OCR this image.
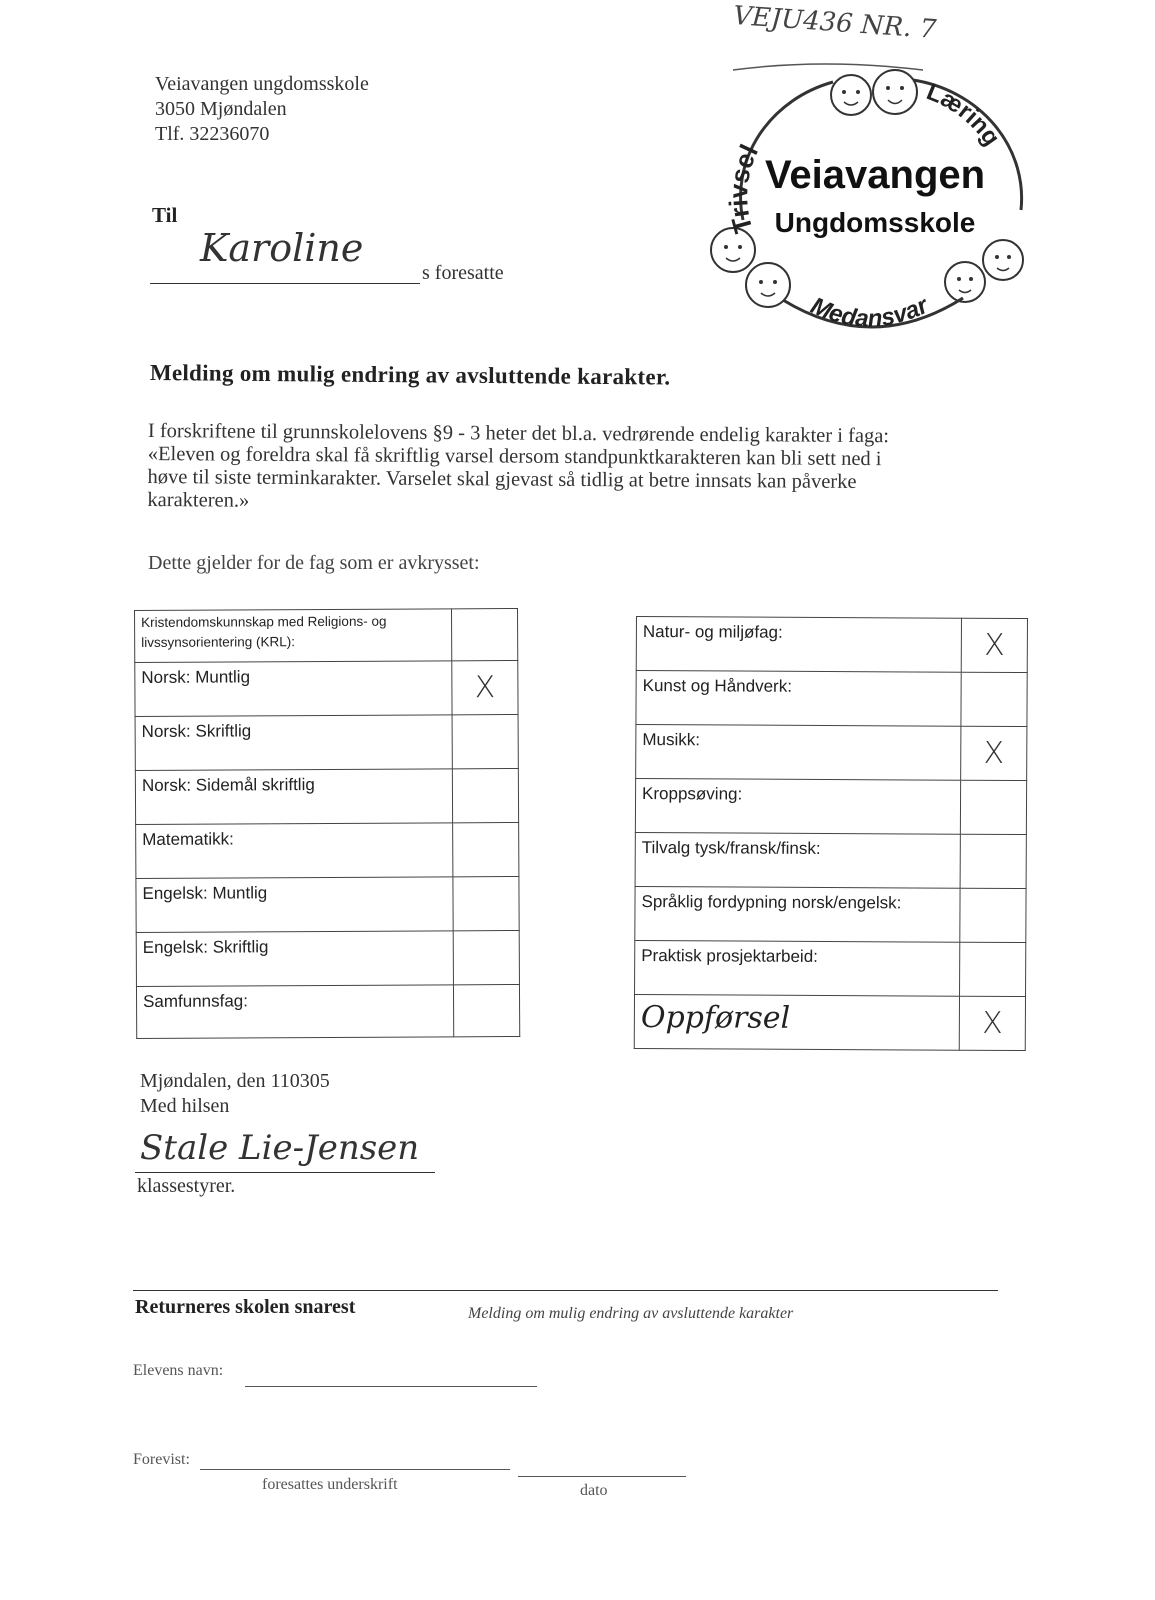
VEJU436 NR. 7
Veiavangen ungdomsskole
3050 Mjøndalen
Tlf. 32236070
Trivsel
Læring
Medansvar
Veiavangen
Ungdomsskole
Til
Karoline
s foresatte
Melding om mulig endring av avsluttende karakter.

I forskriftene til grunnskolelovens §9 - 3 heter det bl.a. vedrørende endelig karakter i faga:

«Eleven og foreldra skal få skriftlig varsel dersom standpunktkarakteren kan bli sett ned i

høve til siste terminkarakter. Varselet skal gjevast så tidlig at betre innsats kan påverke

karakteren.»

Dette gjelder for de fag som er avkrysset:
Kristendomskunnskap med Religions- og
livssynsorientering (KRL):	

Norsk: Muntlig	X
Norsk: Skriftlig	
Norsk: Sidemål skriftlig	
Matematikk:	
Engelsk: Muntlig	
Engelsk: Skriftlig	
Samfunnsfag:	
Natur- og miljøfag:	X
Kunst og Håndverk:	
Musikk:	X
Kroppsøving:	
Tilvalg tysk/fransk/finsk:	
Språklig fordypning norsk/engelsk:	
Praktisk prosjektarbeid:	
Oppførsel	X
Mjøndalen, den 110305
Med hilsen
Stale Lie-Jensen
klassestyrer.
Returneres skolen snarest	Melding om mulig endring av avsluttende karakter
Elevens navn:
Forevist:
foresattes underskrift	dato
